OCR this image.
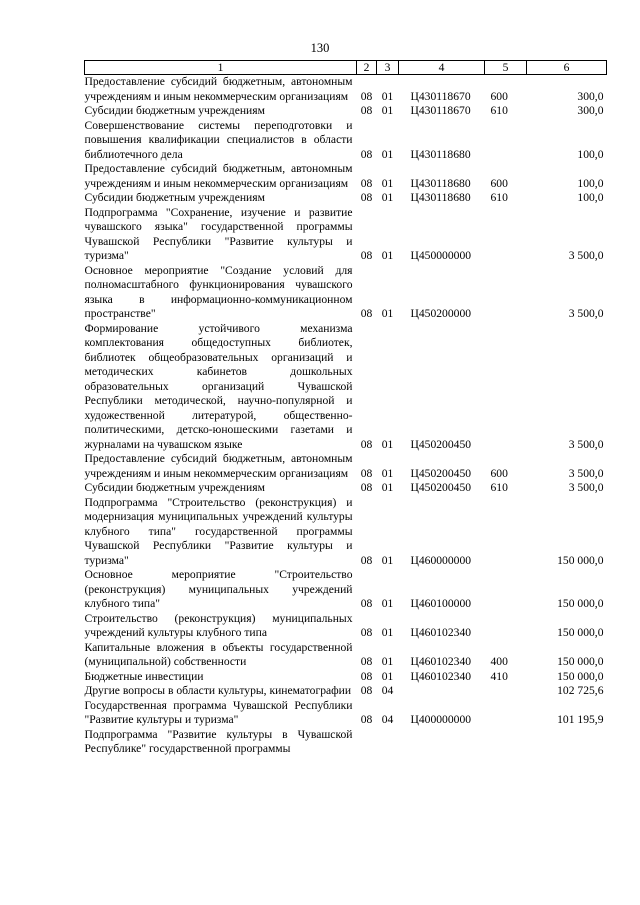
130
1	2	3	4	5	6
Предоставление субсидий бюджетным, автономным учреждениям и иным некоммерческим организациям	08	01	Ц430118670	600	300,0
Субсидии бюджетным учреждениям	08	01	Ц430118670	610	300,0
Совершенствование системы переподготовки и повышения квалификации специалистов в области библиотечного дела	08	01	Ц430118680		100,0
Предоставление субсидий бюджетным, автономным учреждениям и иным некоммерческим организациям	08	01	Ц430118680	600	100,0
Субсидии бюджетным учреждениям	08	01	Ц430118680	610	100,0
Подпрограмма "Сохранение, изучение и развитие чувашского языка" государственной программы Чувашской Республики "Развитие культуры и туризма"	08	01	Ц450000000		3 500,0
Основное мероприятие "Создание условий для полномасштабного функционирования чувашского языка в информационно-коммуникационном пространстве"	08	01	Ц450200000		3 500,0
Формирование устойчивого механизма комплектования общедоступных библиотек, библиотек общеобразовательных организаций и методических кабинетов дошкольных образовательных организаций Чувашской Республики методической, научно-популярной и художественной литературой, общественно-политическими, детско-юношескими газетами и журналами на чувашском языке	08	01	Ц450200450		3 500,0
Предоставление субсидий бюджетным, автономным учреждениям и иным некоммерческим организациям	08	01	Ц450200450	600	3 500,0
Субсидии бюджетным учреждениям	08	01	Ц450200450	610	3 500,0
Подпрограмма "Строительство (реконструкция) и модернизация муниципальных учреждений культуры клубного типа" государственной программы Чувашской Республики "Развитие культуры и туризма"	08	01	Ц460000000		150 000,0
Основное мероприятие "Строительство (реконструкция) муниципальных учреждений клубного типа"	08	01	Ц460100000		150 000,0
Строительство (реконструкция) муниципальных учреждений культуры клубного типа	08	01	Ц460102340		150 000,0
Капитальные вложения в объекты государственной (муниципальной) собственности	08	01	Ц460102340	400	150 000,0
Бюджетные инвестиции	08	01	Ц460102340	410	150 000,0
Другие вопросы в области культуры, кинематографии	08	04			102 725,6
Государственная программа Чувашской Республики "Развитие культуры и туризма"	08	04	Ц400000000		101 195,9
Подпрограмма "Развитие культуры в Чувашской Республике" государственной программы					
